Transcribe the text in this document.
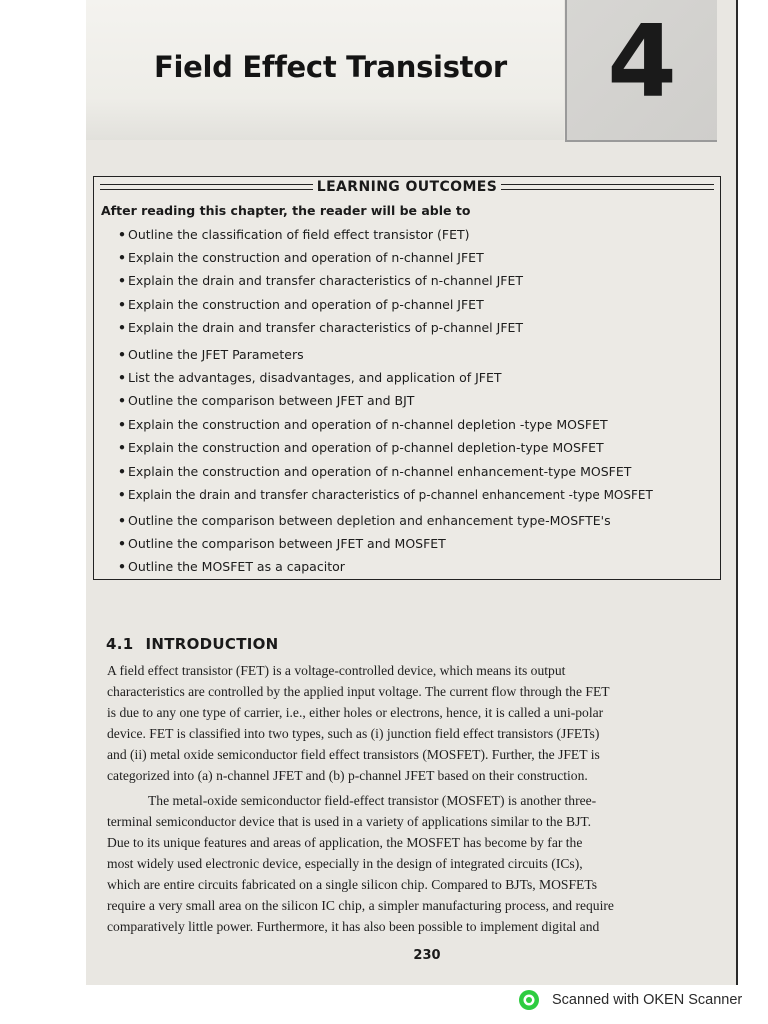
Field Effect Transistor	4
LEARNING OUTCOMES
After reading this chapter, the reader will be able to
• Outline the classification of field effect transistor (FET)
• Explain the construction and operation of n-channel JFET
• Explain the drain and transfer characteristics of n-channel JFET
• Explain the construction and operation of p-channel JFET
• Explain the drain and transfer characteristics of p-channel JFET
• Outline the JFET Parameters
• List the advantages, disadvantages, and application of JFET
• Outline the comparison between JFET and BJT
• Explain the construction and operation of n-channel depletion -type MOSFET
• Explain the construction and operation of p-channel depletion-type MOSFET
• Explain the construction and operation of n-channel enhancement-type MOSFET
• Explain the drain and transfer characteristics of p-channel enhancement -type MOSFET
• Outline the comparison between depletion and enhancement type-MOSFTE's
• Outline the comparison between JFET and MOSFET
• Outline the MOSFET as a capacitor
4.1 INTRODUCTION
A field effect transistor (FET) is a voltage-controlled device, which means its output
characteristics are controlled by the applied input voltage. The current flow through the FET
is due to any one type of carrier, i.e., either holes or electrons, hence, it is called a uni-polar
device. FET is classified into two types, such as (i) junction field effect transistors (JFETs)
and (ii) metal oxide semiconductor field effect transistors (MOSFET). Further, the JFET is
categorized into (a) n-channel JFET and (b) p-channel JFET based on their construction.
The metal-oxide semiconductor field-effect transistor (MOSFET) is another three-
terminal semiconductor device that is used in a variety of applications similar to the BJT.
Due to its unique features and areas of application, the MOSFET has become by far the
most widely used electronic device, especially in the design of integrated circuits (ICs),
which are entire circuits fabricated on a single silicon chip. Compared to BJTs, MOSFETs
require a very small area on the silicon IC chip, a simpler manufacturing process, and require
comparatively little power. Furthermore, it has also been possible to implement digital and
230
Scanned with OKEN Scanner
